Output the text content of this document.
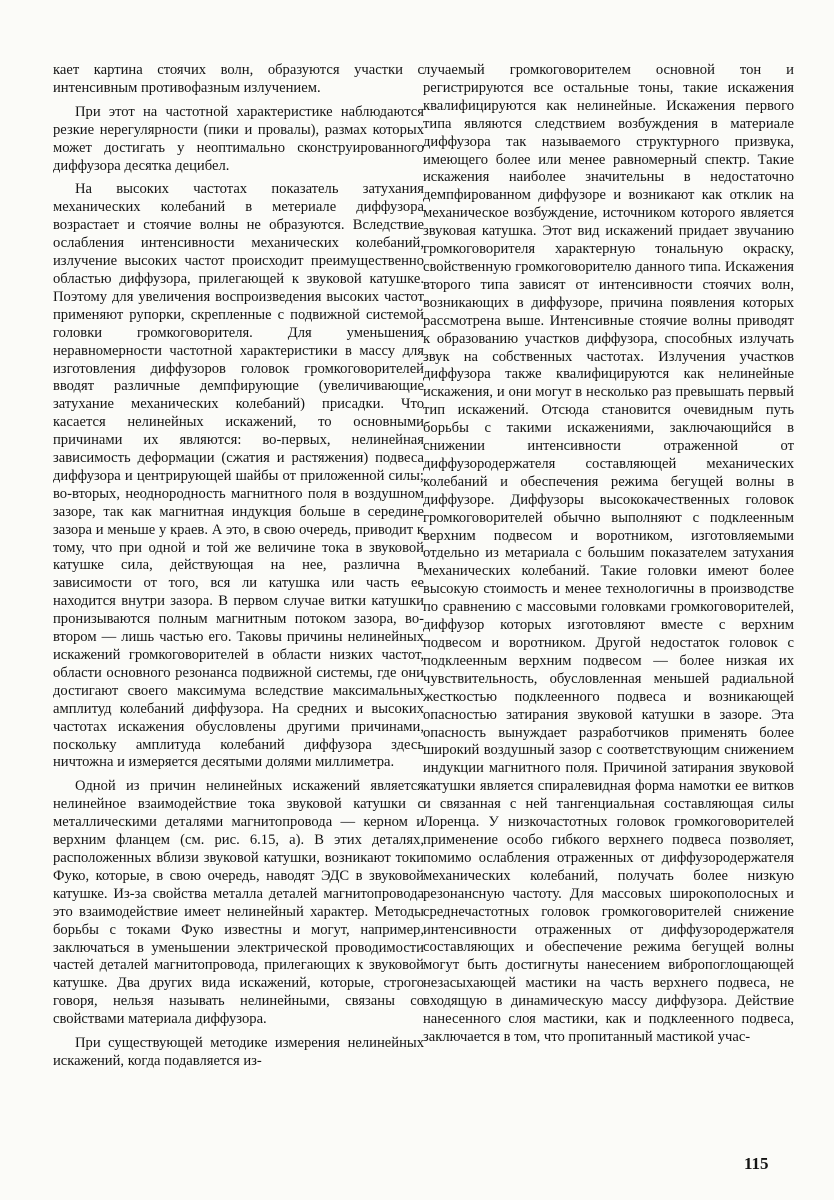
кает картина стоячих волн, образуются участки с интенсивным противофазным излучением.

При этот на частотной характеристике наблюдаются резкие нерегулярности (пики и провалы), размах которых может достигать у неоптимально сконструированного диффузора десятка децибел.

На высоких частотах показатель затухания механических колебаний в метериале диффузора возрастает и стоячие волны не образуются. Вследствие ослабления интенсивности механических колебаний, излучение высоких частот происходит преимущественно областью диффузора, прилегающей к звуковой катушке. Поэтому для увеличения воспроизведения высоких частот применяют рупорки, скрепленные с подвижной системой головки громкоговорителя. Для уменьшения неравномерности частотной характеристики в массу для изготовления диффузоров головок громкоговорителей вводят различные демпфирующие (увеличивающие затухание механических колебаний) присадки. Что касается нелинейных искажений, то основными причинами их являются: во-первых, нелинейная зависимость деформации (сжатия и растяжения) подвеса диффузора и центрирующей шайбы от приложенной силы; во-вторых, неоднородность магнитного поля в воздушном зазоре, так как магнитная индукция больше в середине зазора и меньше у краев. А это, в свою очередь, приводит к тому, что при одной и той же величине тока в звуковой катушке сила, действующая на нее, различна в зависимости от того, вся ли катушка или часть ее находится внутри зазора. В первом случае витки катушки пронизываются полным магнитным потоком зазора, во-втором — лишь частью его. Таковы причины нелинейных искажений громкоговорителей в области низких частот, области основного резонанса подвижной системы, где они достигают своего максимума вследствие максимальных амплитуд колебаний диффузора. На средних и высоких частотах искажения обусловлены другими причинами, поскольку амплитуда колебаний диффузора здесь ничтожна и измеряется десятыми долями миллиметра.

Одной из причин нелинейных искажений является нелинейное взаимодействие тока звуковой катушки с металлическими деталями магнитопровода — керном и верхним фланцем (см. рис. 6.15, а). В этих деталях, расположенных вблизи звуковой катушки, возникают токи Фуко, которые, в свою очередь, наводят ЭДС в звуковой катушке. Из-за свойства металла деталей магнитопровода это взаимодействие имеет нелинейный характер. Методы борьбы с токами Фуко известны и могут, например, заключаться в уменьшении электрической проводимости частей деталей магнитопровода, прилегающих к звуковой катушке. Два других вида искажений, которые, строго говоря, нельзя называть нелинейными, связаны со свойствами материала диффузора.

При существующей методике измерения нелинейных искажений, когда подавляется из-

лучаемый громкоговорителем основной тон и регистрируются все остальные тоны, такие искажения квалифицируются как нелинейные. Искажения первого типа являются следствием возбуждения в материале диффузора так называемого структурного призвука, имеющего более или менее равномерный спектр. Такие искажения наиболее значительны в недостаточно демпфированном диффузоре и возникают как отклик на механическое возбуждение, источником которого является звуковая катушка. Этот вид искажений придает звучанию громкоговорителя характерную тональную окраску, свойственную громкоговорителю данного типа. Искажения второго типа зависят от интенсивности стоячих волн, возникающих в диффузоре, причина появления которых рассмотрена выше. Интенсивные стоячие волны приводят к образованию участков диффузора, способных излучать звук на собственных частотах. Излучения участков диффузора также квалифицируются как нелинейные искажения, и они могут в несколько раз превышать первый тип искажений. Отсюда становится очевидным путь борьбы с такими искажениями, заключающийся в снижении интенсивности отраженной от диффузородержателя составляющей механических колебаний и обеспечения режима бегущей волны в диффузоре. Диффузоры высококачественных головок громкоговорителей обычно выполняют с подклеенным верхним подвесом и воротником, изготовляемыми отдельно из метариала с большим показателем затухания механических колебаний. Такие головки имеют более высокую стоимость и менее технологичны в производстве по сравнению с массовыми головками громкоговорителей, диффузор которых изготовляют вместе с верхним подвесом и воротником. Другой недостаток головок с подклеенным верхним подвесом — более низкая их чувствительность, обусловленная меньшей радиальной жесткостью подклеенного подвеса и возникающей опасностью затирания звуковой катушки в зазоре. Эта опасность вынуждает разработчиков применять более широкий воздушный зазор с соответствующим снижением индукции магнитного поля. Причиной затирания звуковой катушки является спиралевидная форма намотки ее витков и связанная с ней тангенциальная составляющая силы Лоренца. У низкочастотных головок громкоговорителей применение особо гибкого верхнего подвеса позволяет, помимо ослабления отраженных от диффузородержателя механических колебаний, получать более низкую резонансную частоту. Для массовых широкополосных и среднечастотных головок громкоговорителей снижение интенсивности отраженных от диффузородержателя составляющих и обеспечение режима бегущей волны могут быть достигнуты нанесением вибропоглощающей незасыхающей мастики на часть верхнего подвеса, не входящую в динамическую массу диффузора. Действие нанесенного слоя мастики, как и подклеенного подвеса, заключается в том, что пропитанный мастикой учас-

115
